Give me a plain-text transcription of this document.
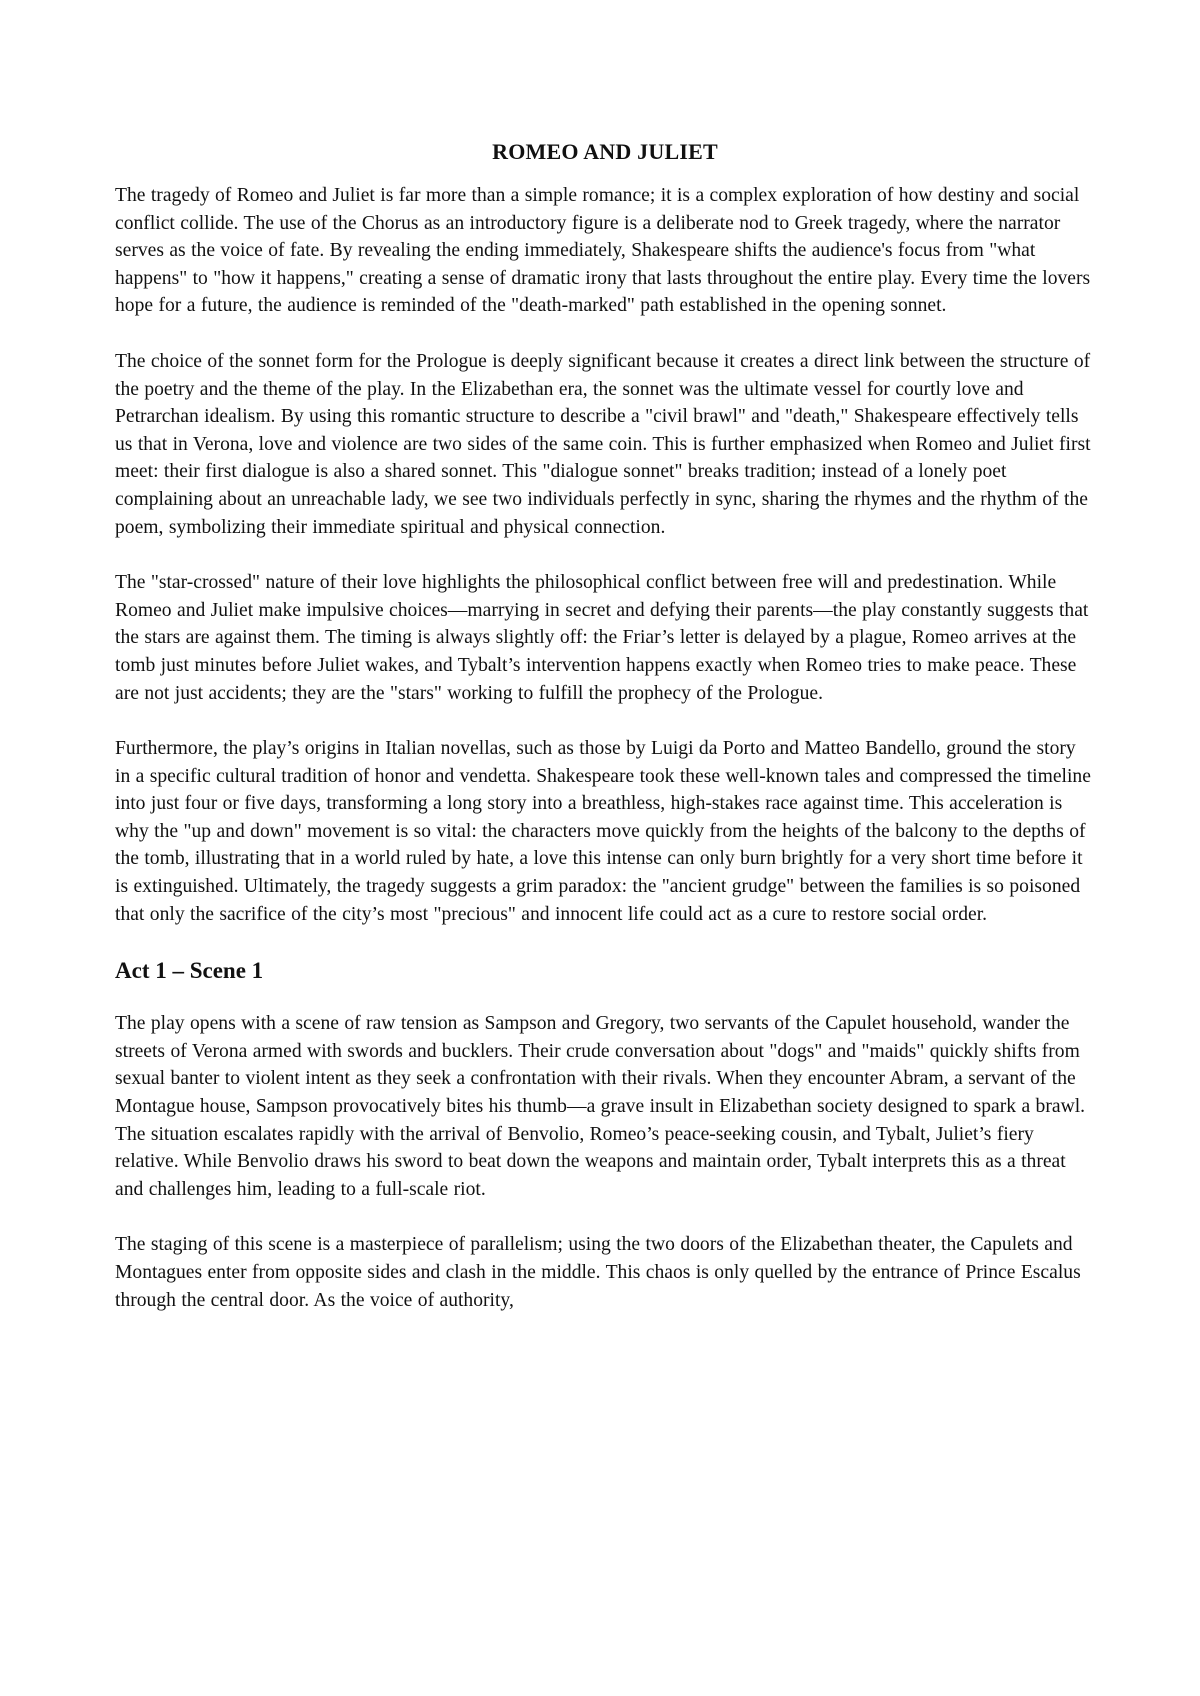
ROMEO AND JULIET

The tragedy of Romeo and Juliet is far more than a simple romance; it is a complex exploration of how destiny and social conflict collide. The use of the Chorus as an introductory figure is a deliberate nod to Greek tragedy, where the narrator serves as the voice of fate. By revealing the ending immediately, Shakespeare shifts the audience's focus from "what happens" to "how it happens," creating a sense of dramatic irony that lasts throughout the entire play. Every time the lovers hope for a future, the audience is reminded of the "death-marked" path established in the opening sonnet.

The choice of the sonnet form for the Prologue is deeply significant because it creates a direct link between the structure of the poetry and the theme of the play. In the Elizabethan era, the sonnet was the ultimate vessel for courtly love and Petrarchan idealism. By using this romantic structure to describe a "civil brawl" and "death," Shakespeare effectively tells us that in Verona, love and violence are two sides of the same coin. This is further emphasized when Romeo and Juliet first meet: their first dialogue is also a shared sonnet. This "dialogue sonnet" breaks tradition; instead of a lonely poet complaining about an unreachable lady, we see two individuals perfectly in sync, sharing the rhymes and the rhythm of the poem, symbolizing their immediate spiritual and physical connection.

The "star-crossed" nature of their love highlights the philosophical conflict between free will and predestination. While Romeo and Juliet make impulsive choices—marrying in secret and defying their parents—the play constantly suggests that the stars are against them. The timing is always slightly off: the Friar’s letter is delayed by a plague, Romeo arrives at the tomb just minutes before Juliet wakes, and Tybalt’s intervention happens exactly when Romeo tries to make peace. These are not just accidents; they are the "stars" working to fulfill the prophecy of the Prologue.

Furthermore, the play’s origins in Italian novellas, such as those by Luigi da Porto and Matteo Bandello, ground the story in a specific cultural tradition of honor and vendetta. Shakespeare took these well-known tales and compressed the timeline into just four or five days, transforming a long story into a breathless, high-stakes race against time. This acceleration is why the "up and down" movement is so vital: the characters move quickly from the heights of the balcony to the depths of the tomb, illustrating that in a world ruled by hate, a love this intense can only burn brightly for a very short time before it is extinguished. Ultimately, the tragedy suggests a grim paradox: the "ancient grudge" between the families is so poisoned that only the sacrifice of the city’s most "precious" and innocent life could act as a cure to restore social order.

Act 1 – Scene 1

The play opens with a scene of raw tension as Sampson and Gregory, two servants of the Capulet household, wander the streets of Verona armed with swords and bucklers. Their crude conversation about "dogs" and "maids" quickly shifts from sexual banter to violent intent as they seek a confrontation with their rivals. When they encounter Abram, a servant of the Montague house, Sampson provocatively bites his thumb—a grave insult in Elizabethan society designed to spark a brawl. The situation escalates rapidly with the arrival of Benvolio, Romeo’s peace-seeking cousin, and Tybalt, Juliet’s fiery relative. While Benvolio draws his sword to beat down the weapons and maintain order, Tybalt interprets this as a threat and challenges him, leading to a full-scale riot.

The staging of this scene is a masterpiece of parallelism; using the two doors of the Elizabethan theater, the Capulets and Montagues enter from opposite sides and clash in the middle. This chaos is only quelled by the entrance of Prince Escalus through the central door. As the voice of authority,
